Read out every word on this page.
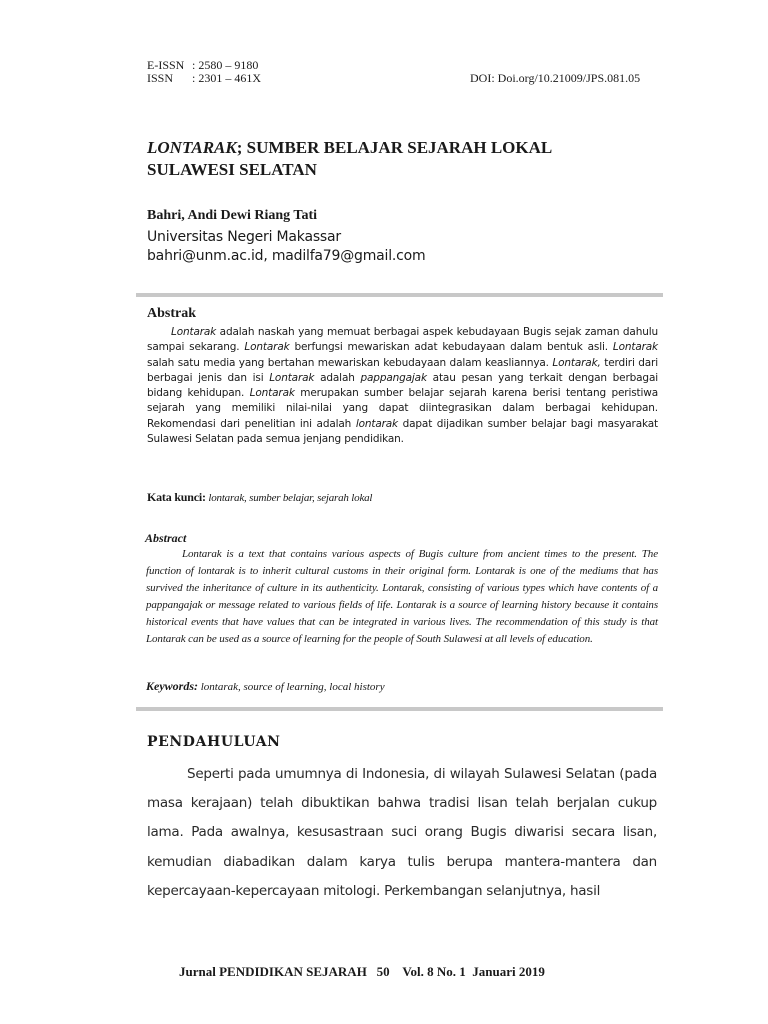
E-ISSN : 2580 – 9180
ISSN	: 2301 – 461X	DOI: Doi.org/10.21009/JPS.081.05
LONTARAK; SUMBER BELAJAR SEJARAH LOKAL
SULAWESI SELATAN
Bahri, Andi Dewi Riang Tati
Universitas Negeri Makassar
bahri@unm.ac.id, madilfa79@gmail.com
Abstrak

Lontarak adalah naskah yang memuat berbagai aspek kebudayaan Bugis sejak zaman dahulu sampai sekarang. Lontarak berfungsi mewariskan adat kebudayaan dalam bentuk asli. Lontarak salah satu media yang bertahan mewariskan kebudayaan dalam keasliannya. Lontarak, terdiri dari berbagai jenis dan isi Lontarak adalah pappangajak atau pesan yang terkait dengan berbagai bidang kehidupan. Lontarak merupakan sumber belajar sejarah karena berisi tentang peristiwa sejarah yang memiliki nilai-nilai yang dapat diintegrasikan dalam berbagai kehidupan. Rekomendasi dari penelitian ini adalah lontarak dapat dijadikan sumber belajar bagi masyarakat Sulawesi Selatan pada semua jenjang pendidikan.

Kata kunci: lontarak, sumber belajar, sejarah lokal
Abstract

Lontarak is a text that contains various aspects of Bugis culture from ancient times to the present. The function of lontarak is to inherit cultural customs in their original form. Lontarak is one of the mediums that has survived the inheritance of culture in its authenticity. Lontarak, consisting of various types which have contents of a pappangajak or message related to various fields of life. Lontarak is a source of learning history because it contains historical events that have values that can be integrated in various lives. The recommendation of this study is that Lontarak can be used as a source of learning for the people of South Sulawesi at all levels of education.

Keywords: lontarak, source of learning, local history
PENDAHULUAN

Seperti pada umumnya di Indonesia, di wilayah Sulawesi Selatan (pada masa kerajaan) telah dibuktikan bahwa tradisi lisan telah berjalan cukup lama. Pada awalnya, kesusastraan suci orang Bugis diwarisi secara lisan, kemudian diabadikan dalam karya tulis berupa mantera-mantera dan kepercayaan-kepercayaan mitologi. Perkembangan selanjutnya, hasil

Jurnal PENDIDIKAN SEJARAH 50 Vol. 8 No. 1  Januari 2019
